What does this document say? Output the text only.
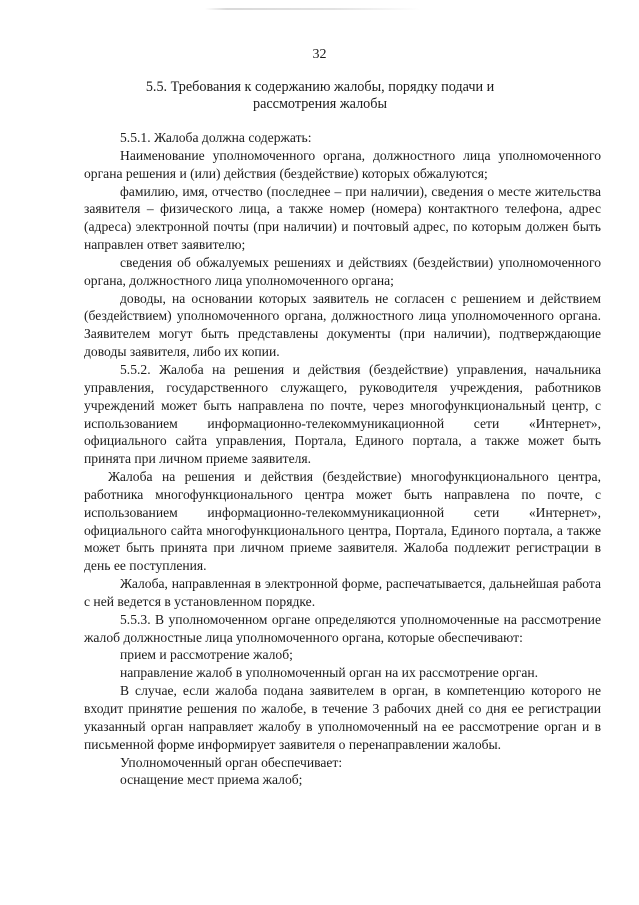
32
5.5. Требования к содержанию жалобы, порядку подачи и рассмотрения жалобы

5.5.1. Жалоба должна содержать:

Наименование уполномоченного органа, должностного лица уполномоченного органа решения и (или) действия (бездействие) которых обжалуются;

фамилию, имя, отчество (последнее – при наличии), сведения о месте жительства заявителя – физического лица, а также номер (номера) контактного телефона, адрес (адреса) электронной почты (при наличии) и почтовый адрес, по которым должен быть направлен ответ заявителю;

сведения об обжалуемых решениях и действиях (бездействии) уполномоченного органа, должностного лица уполномоченного органа;

доводы, на основании которых заявитель не согласен с решением и действием (бездействием) уполномоченного органа, должностного лица уполномоченного органа. Заявителем могут быть представлены документы (при наличии), подтверждающие доводы заявителя, либо их копии.

5.5.2. Жалоба на решения и действия (бездействие) управления, начальника управления, государственного служащего, руководителя учреждения, работников учреждений может быть направлена по почте, через многофункциональный центр, с использованием информационно-телекоммуникационной сети «Интернет», официального сайта управления, Портала, Единого портала, а также может быть принята при личном приеме заявителя.

Жалоба на решения и действия (бездействие) многофункционального центра, работника многофункционального центра может быть направлена по почте, с использованием информационно-телекоммуникационной сети «Интернет», официального сайта многофункционального центра, Портала, Единого портала, а также может быть принята при личном приеме заявителя. Жалоба подлежит регистрации в день ее поступления.

Жалоба, направленная в электронной форме, распечатывается, дальнейшая работа с ней ведется в установленном порядке.

5.5.3. В уполномоченном органе определяются уполномоченные на рассмотрение жалоб должностные лица уполномоченного органа, которые обеспечивают:

прием и рассмотрение жалоб;

направление жалоб в уполномоченный орган на их рассмотрение орган.

В случае, если жалоба подана заявителем в орган, в компетенцию которого не входит принятие решения по жалобе, в течение 3 рабочих дней со дня ее регистрации указанный орган направляет жалобу в уполномоченный на ее рассмотрение орган и в письменной форме информирует заявителя о перенаправлении жалобы.

Уполномоченный орган обеспечивает:

оснащение мест приема жалоб;
